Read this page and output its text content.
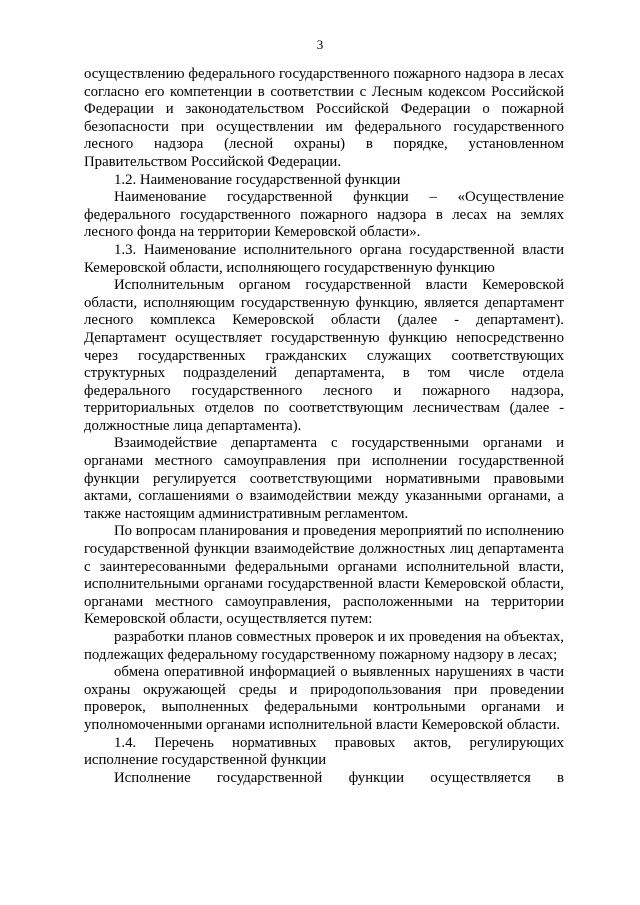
3

осуществлению федерального государственного пожарного надзора в лесах согласно его компетенции в соответствии с Лесным кодексом Российской Федерации и законодательством Российской Федерации о пожарной безопасности при осуществлении им федерального государственного лесного надзора (лесной охраны) в порядке, установленном Правительством Российской Федерации.

1.2. Наименование государственной функции

Наименование государственной функции – «Осуществление федерального государственного пожарного надзора в лесах на землях лесного фонда на территории Кемеровской области».

1.3. Наименование исполнительного органа государственной власти Кемеровской области, исполняющего государственную функцию

Исполнительным органом государственной власти Кемеровской области, исполняющим государственную функцию, является департамент лесного комплекса Кемеровской области (далее - департамент). Департамент осуществляет государственную функцию непосредственно через государственных гражданских служащих соответствующих структурных подразделений департамента, в том числе отдела федерального государственного лесного и пожарного надзора, территориальных отделов по соответствующим лесничествам (далее - должностные лица департамента).

Взаимодействие департамента с государственными органами и органами местного самоуправления при исполнении государственной функции регулируется соответствующими нормативными правовыми актами, соглашениями о взаимодействии между указанными органами, а также настоящим административным регламентом.

По вопросам планирования и проведения мероприятий по исполнению государственной функции взаимодействие должностных лиц департамента с заинтересованными федеральными органами исполнительной власти, исполнительными органами государственной власти Кемеровской области, органами местного самоуправления, расположенными на территории Кемеровской области, осуществляется путем:

разработки планов совместных проверок и их проведения на объектах, подлежащих федеральному государственному пожарному надзору в лесах;

обмена оперативной информацией о выявленных нарушениях в части охраны окружающей среды и природопользования при проведении проверок, выполненных федеральными контрольными органами и уполномоченными органами исполнительной власти Кемеровской области.

1.4. Перечень нормативных правовых актов, регулирующих исполнение государственной функции

Исполнение государственной функции осуществляется в
